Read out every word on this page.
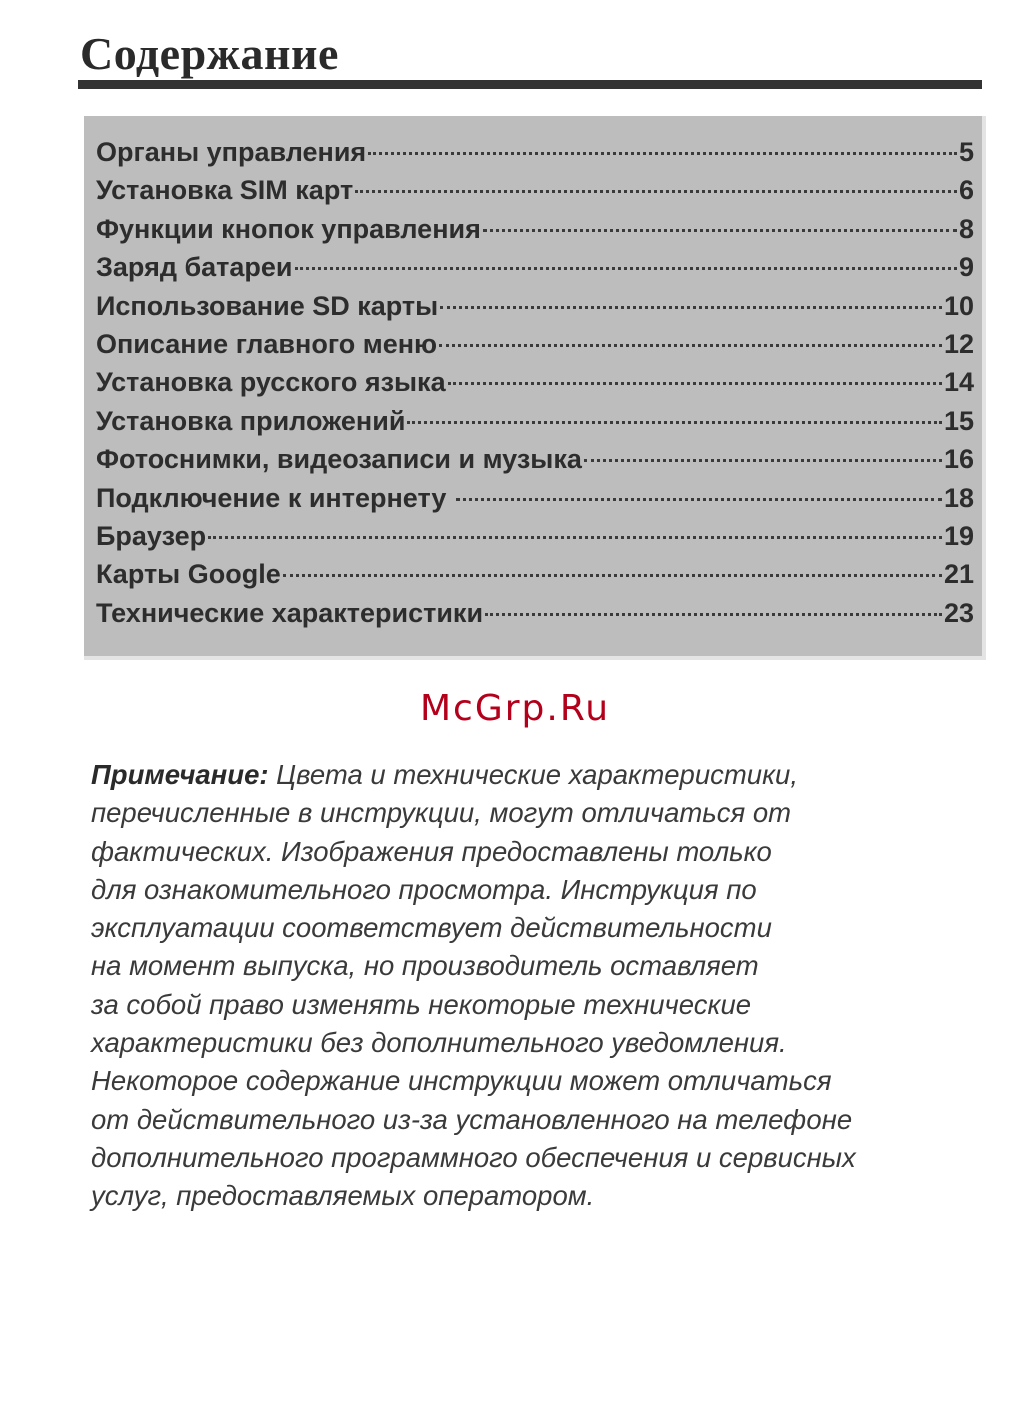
Содержание
Органы управления	5
Установка SIM карт	6
Функции кнопок управления	8
Заряд батареи	9
Использование SD карты	10
Описание главного меню	12
Установка русского языка	14
Установка приложений	15
Фотоснимки, видеозаписи и музыка	16
Подключение к интернету	18
Браузер	19
Карты Google	21
Технические характеристики	23
McGrp.Ru

Примечание: Цвета и технические характеристики,
перечисленные в инструкции, могут отличаться от
фактических. Изображения предоставлены только
для ознакомительного просмотра. Инструкция по
эксплуатации соответствует действительности
на момент выпуска, но производитель оставляет
за собой право изменять некоторые технические
характеристики без дополнительного уведомления.
Некоторое содержание инструкции может отличаться
от действительного из-за установленного на телефоне
дополнительного программного обеспечения и сервисных
услуг, предоставляемых оператором.
